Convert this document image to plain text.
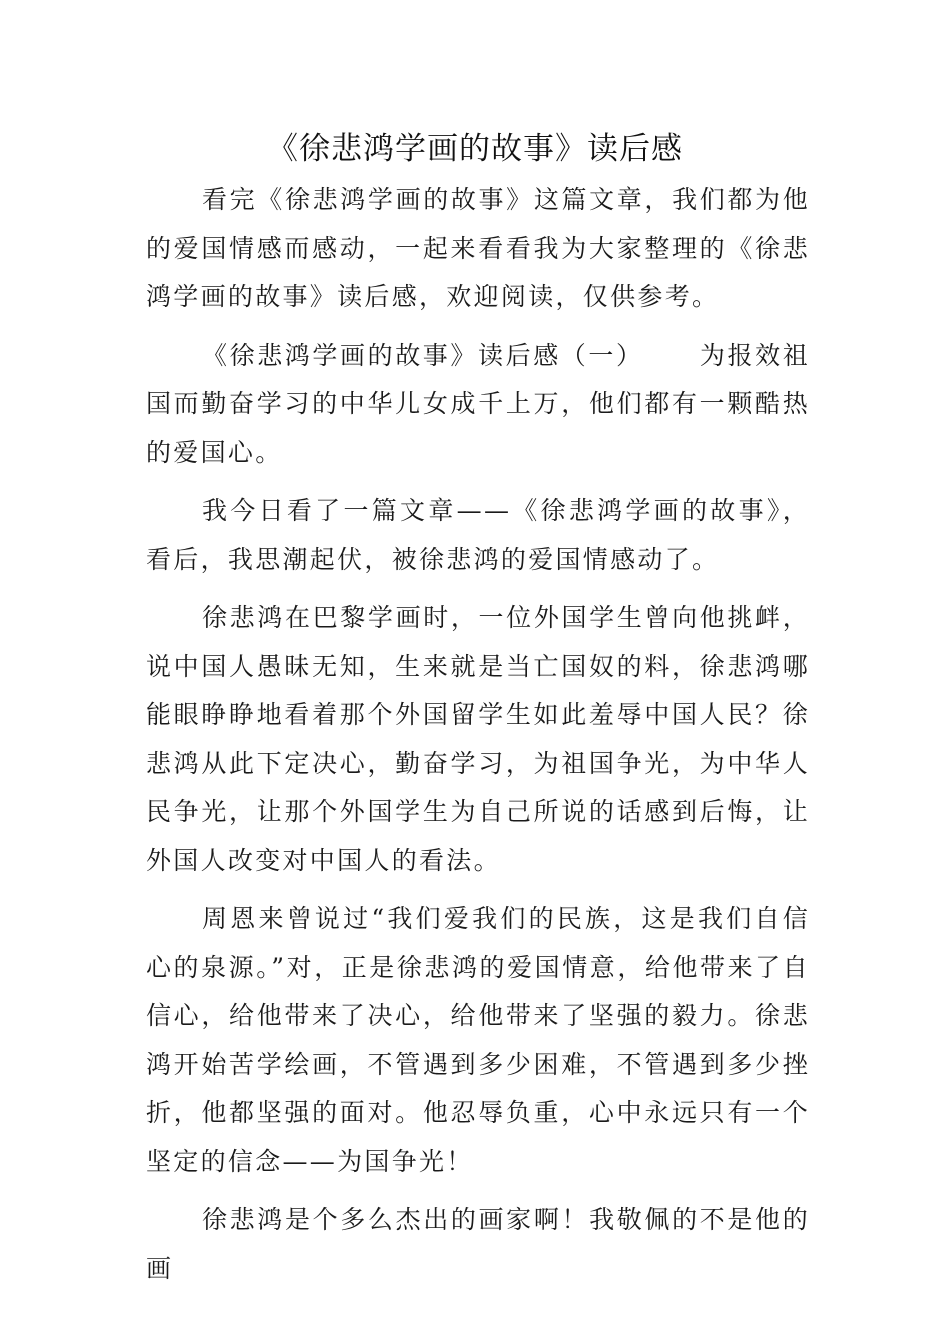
《徐悲鸿学画的故事》读后感

看完《徐悲鸿学画的故事》这篇文章，我们都为他的爱国情感而感动，一起来看看我为大家整理的《徐悲鸿学画的故事》读后感，欢迎阅读，仅供参考。

《徐悲鸿学画的故事》读后感（一） 为报效祖国而勤奋学习的中华儿女成千上万，他们都有一颗酷热的爱国心。

我今日看了一篇文章——《徐悲鸿学画的故事》，看后，我思潮起伏，被徐悲鸿的爱国情感动了。

徐悲鸿在巴黎学画时，一位外国学生曾向他挑衅，说中国人愚昧无知，生来就是当亡国奴的料，徐悲鸿哪能眼睁睁地看着那个外国留学生如此羞辱中国人民？徐悲鸿从此下定决心，勤奋学习，为祖国争光，为中华人民争光，让那个外国学生为自己所说的话感到后悔，让外国人改变对中国人的看法。

周恩来曾说过“我们爱我们的民族，这是我们自信心的泉源。”对，正是徐悲鸿的爱国情意，给他带来了自信心，给他带来了决心，给他带来了坚强的毅力。徐悲鸿开始苦学绘画，不管遇到多少困难，不管遇到多少挫折，他都坚强的面对。他忍辱负重，心中永远只有一个坚定的信念——为国争光！

徐悲鸿是个多么杰出的画家啊！我敬佩的不是他的画
